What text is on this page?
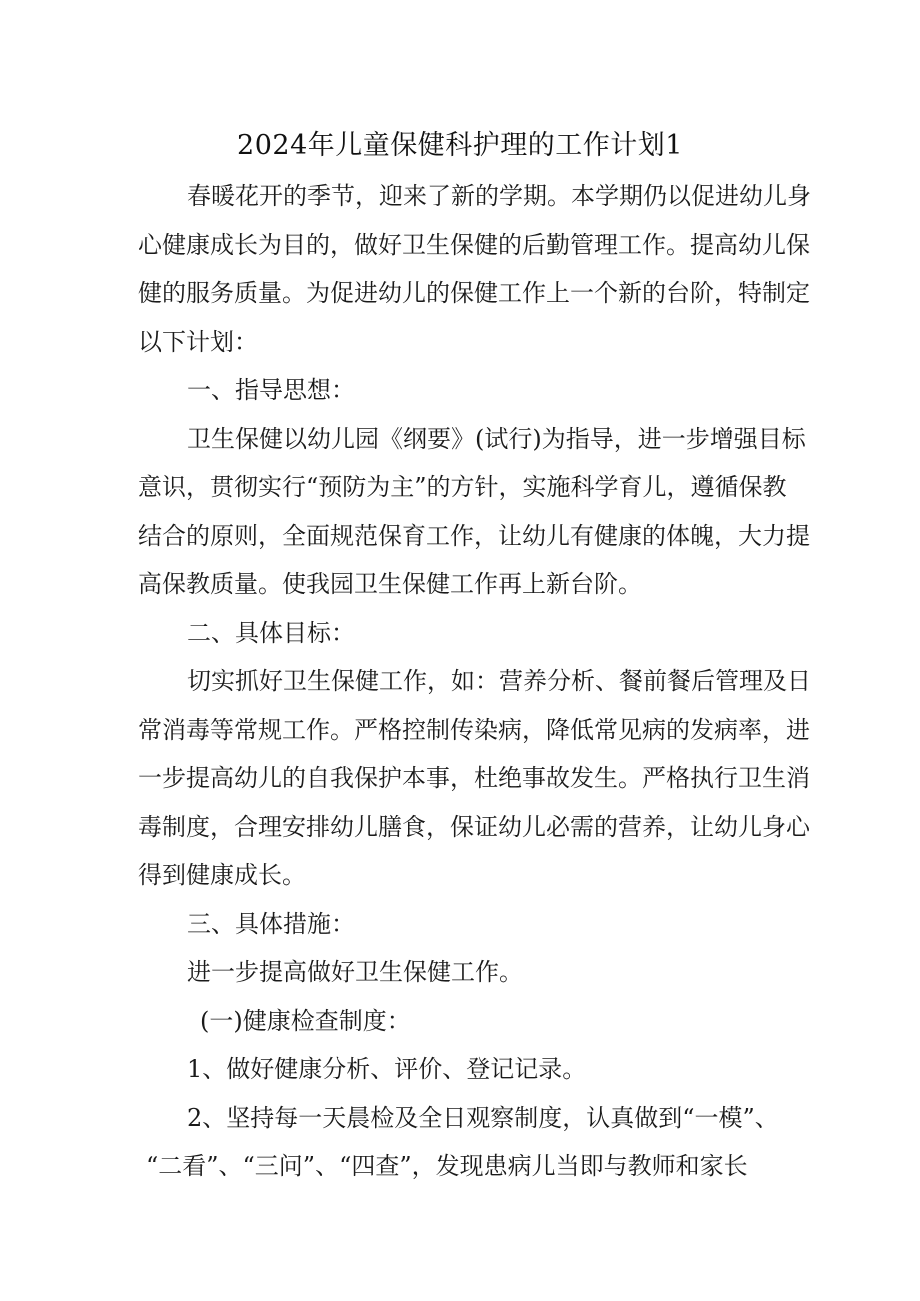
2024年儿童保健科护理的工作计划1
春暖花开的季节，迎来了新的学期。本学期仍以促进幼儿身
心健康成长为目的，做好卫生保健的后勤管理工作。提高幼儿保
健的服务质量。为促进幼儿的保健工作上一个新的台阶，特制定
以下计划：
一、指导思想：
卫生保健以幼儿园《纲要》(试行)为指导，进一步增强目标
意识，贯彻实行“预防为主”的方针，实施科学育儿，遵循保教
结合的原则，全面规范保育工作，让幼儿有健康的体魄，大力提
高保教质量。使我园卫生保健工作再上新台阶。
二、具体目标：
切实抓好卫生保健工作，如：营养分析、餐前餐后管理及日
常消毒等常规工作。严格控制传染病，降低常见病的发病率，进
一步提高幼儿的自我保护本事，杜绝事故发生。严格执行卫生消
毒制度，合理安排幼儿膳食，保证幼儿必需的营养，让幼儿身心
得到健康成长。
三、具体措施：
进一步提高做好卫生保健工作。
(一)健康检查制度：
1、做好健康分析、评价、登记记录。
2、坚持每一天晨检及全日观察制度，认真做到“一模”、
“二看”、“三问”、“四查”，发现患病儿当即与教师和家长
